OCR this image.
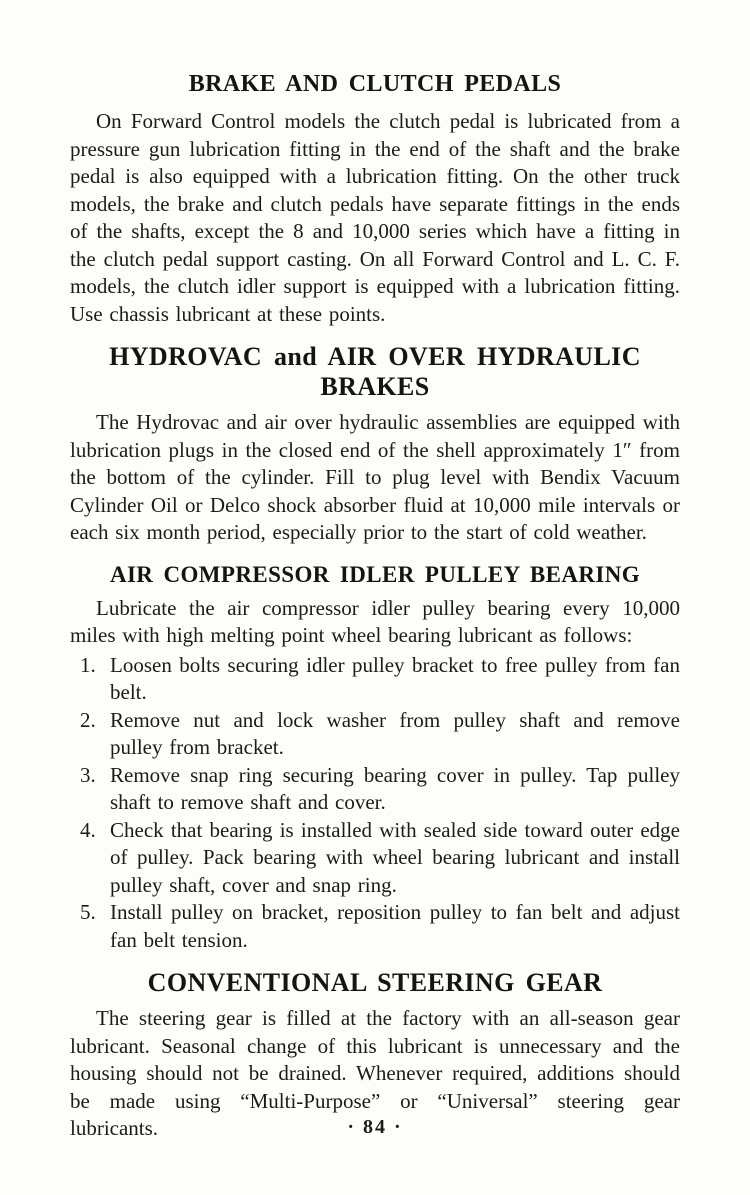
BRAKE AND CLUTCH PEDALS

On Forward Control models the clutch pedal is lubricated from a pressure gun lubrication fitting in the end of the shaft and the brake pedal is also equipped with a lubrication fitting. On the other truck models, the brake and clutch pedals have separate fittings in the ends of the shafts, except the 8 and 10,000 series which have a fitting in the clutch pedal support casting. On all Forward Control and L. C. F. models, the clutch idler support is equipped with a lubrication fitting. Use chassis lubricant at these points.

HYDROVAC and AIR OVER HYDRAULIC BRAKES

The Hydrovac and air over hydraulic assemblies are equipped with lubrication plugs in the closed end of the shell approximately 1″ from the bottom of the cylinder. Fill to plug level with Bendix Vacuum Cylinder Oil or Delco shock absorber fluid at 10,000 mile intervals or each six month period, especially prior to the start of cold weather.

AIR COMPRESSOR IDLER PULLEY BEARING

Lubricate the air compressor idler pulley bearing every 10,000 miles with high melting point wheel bearing lubricant as follows:

Loosen bolts securing idler pulley bracket to free pulley from fan belt.
Remove nut and lock washer from pulley shaft and remove pulley from bracket.
Remove snap ring securing bearing cover in pulley. Tap pulley shaft to remove shaft and cover.
Check that bearing is installed with sealed side toward outer edge of pulley. Pack bearing with wheel bearing lubricant and install pulley shaft, cover and snap ring.
Install pulley on bracket, reposition pulley to fan belt and adjust fan belt tension.
CONVENTIONAL STEERING GEAR

The steering gear is filled at the factory with an all-season gear lubricant. Seasonal change of this lubricant is unnecessary and the housing should not be drained. Whenever required, additions should be made using “Multi-Purpose” or “Universal” steering gear lubricants.	· 84 ·
